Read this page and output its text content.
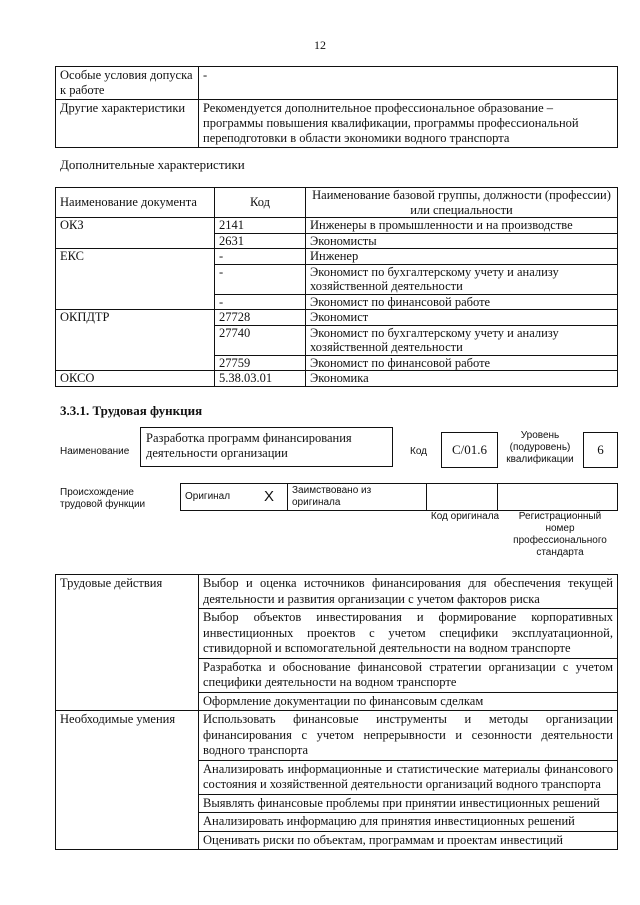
12
Особые условия допуска к работе	-
Другие характеристики	Рекомендуется дополнительное профессиональное образование – программы повышения квалификации, программы профессиональной переподготовки в области экономики водного транспорта
Дополнительные характеристики
Наименование документа	Код	Наименование базовой группы, должности (профессии) или специальности
ОКЗ	2141	Инженеры в промышленности и на производстве
	2631	Экономисты
ЕКС	-	Инженер
	-	Экономист по бухгалтерскому учету и анализу хозяйственной деятельности
	-	Экономист по финансовой работе
ОКПДТР	27728	Экономист
	27740	Экономист по бухгалтерскому учету и анализу хозяйственной деятельности
	27759	Экономист по финансовой работе
ОКСО	5.38.03.01	Экономика
3.3.1. Трудовая функция
Наименование
Разработка программ финансирования деятельности организации	Код	C/01.6
Уровень (подуровень) квалификации
6
Происхождение трудовой функции
Оригинал	X	Заимствовано из оригинала		
Код оригинала	Регистрационный номер профессионального стандарта
Трудовые действия	Выбор и оценка источников финансирования для обеспечения текущей деятельности и развития организации с учетом факторов риска
	Выбор объектов инвестирования и формирование корпоративных инвестиционных проектов с учетом специфики эксплуатационной, стивидорной и вспомогательной деятельности на водном транспорте
	Разработка и обоснование финансовой стратегии организации с учетом специфики деятельности на водном транспорте
	Оформление документации по финансовым сделкам
Необходимые умения	Использовать финансовые инструменты и методы организации финансирования с учетом непрерывности и сезонности деятельности водного транспорта
	Анализировать информационные и статистические материалы финансового состояния и хозяйственной деятельности организаций водного транспорта
	Выявлять финансовые проблемы при принятии инвестиционных решений
	Анализировать информацию для принятия инвестиционных решений
	Оценивать риски по объектам, программам и проектам инвестиций
